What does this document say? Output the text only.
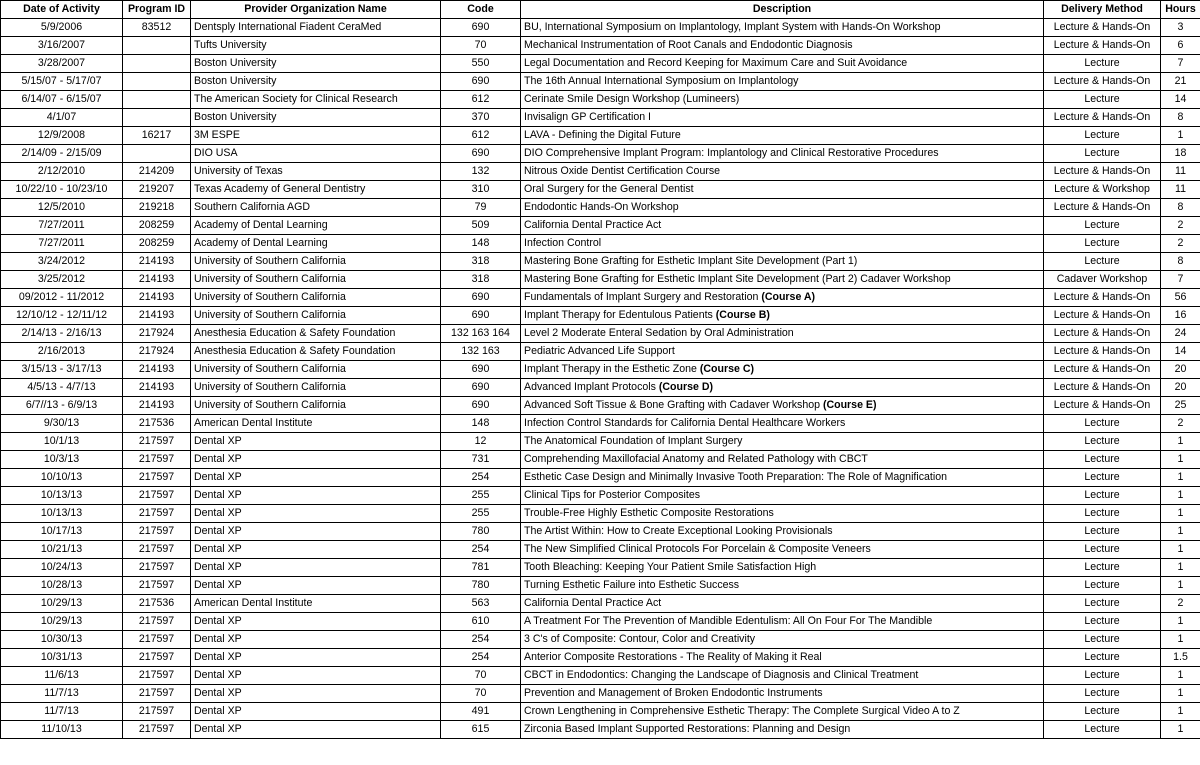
Date of Activity	Program ID	Provider Organization Name	Code	Description	Delivery Method	Hours
5/9/2006	83512	Dentsply International Fiadent CeraMed	690	BU, International Symposium on Implantology, Implant System with Hands-On Workshop	Lecture & Hands-On	3
3/16/2007		Tufts University	70	Mechanical Instrumentation of Root Canals and Endodontic Diagnosis	Lecture & Hands-On	6
3/28/2007		Boston University	550	Legal Documentation and Record Keeping for Maximum Care and Suit Avoidance	Lecture	7
5/15/07 - 5/17/07		Boston University	690	The 16th Annual International Symposium on Implantology	Lecture & Hands-On	21
6/14/07 - 6/15/07		The American Society for Clinical Research	612	Cerinate Smile Design Workshop (Lumineers)	Lecture	14
4/1/07		Boston University	370	Invisalign GP Certification I	Lecture & Hands-On	8
12/9/2008	16217	3M ESPE	612	LAVA - Defining the Digital Future	Lecture	1
2/14/09 - 2/15/09		DIO USA	690	DIO Comprehensive Implant Program: Implantology and Clinical Restorative Procedures	Lecture	18
2/12/2010	214209	University of Texas	132	Nitrous Oxide Dentist Certification Course	Lecture & Hands-On	11
10/22/10 - 10/23/10	219207	Texas Academy of General Dentistry	310	Oral Surgery for the General Dentist	Lecture & Workshop	11
12/5/2010	219218	Southern California AGD	79	Endodontic Hands-On Workshop	Lecture & Hands-On	8
7/27/2011	208259	Academy of Dental Learning	509	California Dental Practice Act	Lecture	2
7/27/2011	208259	Academy of Dental Learning	148	Infection Control	Lecture	2
3/24/2012	214193	University of Southern California	318	Mastering Bone Grafting for Esthetic Implant Site Development (Part 1)	Lecture	8
3/25/2012	214193	University of Southern California	318	Mastering Bone Grafting for Esthetic Implant Site Development (Part 2) Cadaver Workshop	Cadaver Workshop	7
09/2012 - 11/2012	214193	University of Southern California	690	Fundamentals of Implant Surgery and Restoration (Course A)	Lecture & Hands-On	56
12/10/12 - 12/11/12	214193	University of Southern California	690	Implant Therapy for Edentulous Patients (Course B)	Lecture & Hands-On	16
2/14/13 - 2/16/13	217924	Anesthesia Education & Safety Foundation	132 163 164	Level 2 Moderate Enteral Sedation by Oral Administration	Lecture & Hands-On	24
2/16/2013	217924	Anesthesia Education & Safety Foundation	132 163	Pediatric Advanced Life Support	Lecture & Hands-On	14
3/15/13 - 3/17/13	214193	University of Southern California	690	Implant Therapy in the Esthetic Zone (Course C)	Lecture & Hands-On	20
4/5/13 - 4/7/13	214193	University of Southern California	690	Advanced Implant Protocols (Course D)	Lecture & Hands-On	20
6/7//13 - 6/9/13	214193	University of Southern California	690	Advanced Soft Tissue & Bone Grafting with Cadaver Workshop (Course E)	Lecture & Hands-On	25
9/30/13	217536	American Dental Institute	148	Infection Control Standards for California Dental Healthcare Workers	Lecture	2
10/1/13	217597	Dental XP	12	The Anatomical Foundation of Implant Surgery	Lecture	1
10/3/13	217597	Dental XP	731	Comprehending Maxillofacial Anatomy and Related Pathology with CBCT	Lecture	1
10/10/13	217597	Dental XP	254	Esthetic Case Design and Minimally Invasive Tooth Preparation: The Role of Magnification	Lecture	1
10/13/13	217597	Dental XP	255	Clinical Tips for Posterior Composites	Lecture	1
10/13/13	217597	Dental XP	255	Trouble-Free Highly Esthetic Composite Restorations	Lecture	1
10/17/13	217597	Dental XP	780	The Artist Within: How to Create Exceptional Looking Provisionals	Lecture	1
10/21/13	217597	Dental XP	254	The New Simplified Clinical Protocols For Porcelain & Composite Veneers	Lecture	1
10/24/13	217597	Dental XP	781	Tooth Bleaching: Keeping Your Patient Smile Satisfaction High	Lecture	1
10/28/13	217597	Dental XP	780	Turning Esthetic Failure into Esthetic Success	Lecture	1
10/29/13	217536	American Dental Institute	563	California Dental Practice Act	Lecture	2
10/29/13	217597	Dental XP	610	A Treatment For The Prevention of Mandible Edentulism: All On Four For The Mandible	Lecture	1
10/30/13	217597	Dental XP	254	3 C's of Composite: Contour, Color and Creativity	Lecture	1
10/31/13	217597	Dental XP	254	Anterior Composite Restorations - The Reality of Making it Real	Lecture	1.5
11/6/13	217597	Dental XP	70	CBCT in Endodontics: Changing the Landscape of Diagnosis and Clinical Treatment	Lecture	1
11/7/13	217597	Dental XP	70	Prevention and Management of Broken Endodontic Instruments	Lecture	1
11/7/13	217597	Dental XP	491	Crown Lengthening in Comprehensive Esthetic Therapy: The Complete Surgical Video A to Z	Lecture	1
11/10/13	217597	Dental XP	615	Zirconia Based Implant Supported Restorations: Planning and Design	Lecture	1
